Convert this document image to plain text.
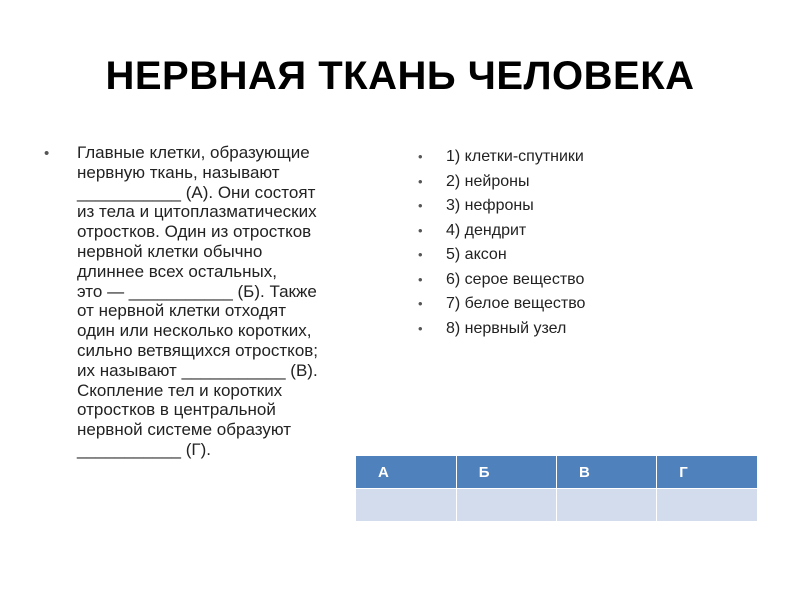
НЕРВНАЯ ТКАНЬ ЧЕЛОВЕКА
• Главные клетки, образующие
нервную ткань, называют
___________ (А). Они состоят
из тела и цитоплазматических
отростков. Один из отростков
нервной клетки обычно
длиннее всех остальных,
это — ___________ (Б). Также
от нервной клетки отходят
один или несколько коротких,
сильно ветвящихся отростков;
их называют ___________ (В).
Скопление тел и коротких
отростков в центральной
нервной системе образуют
___________ (Г).
• 1) клетки-спутники
• 2) нейроны
• 3) нефроны
• 4) дендрит
• 5) аксон
• 6) серое вещество
• 7) белое вещество
• 8) нервный узел
А	Б	В	Г
